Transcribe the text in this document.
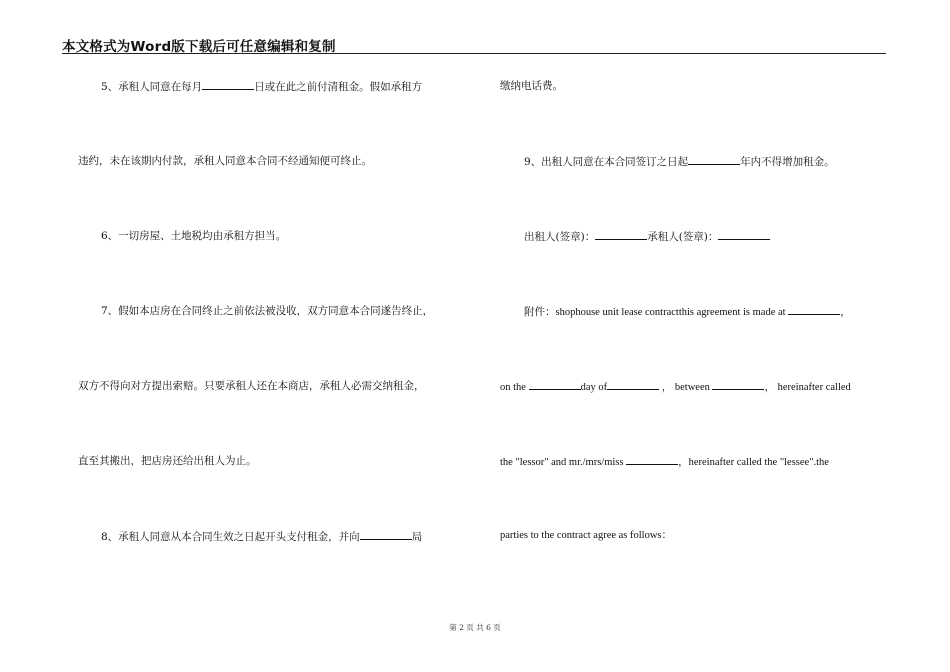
本文格式为Word版下载后可任意编辑和复制
5、承租人同意在每月	日或在此之前付清租金。假如承租方
违约，未在该期内付款，承租人同意本合同不经通知便可终止。
6、一切房屋、土地税均由承租方担当。
7、假如本店房在合同终止之前依法被没收，双方同意本合同遂告终止，
双方不得向对方提出索赔。只要承租人还在本商店，承租人必需交纳租金，
直至其搬出，把店房还给出租人为止。
8、承租人同意从本合同生效之日起开头支付租金，并向	局
缴纳电话费。
9、出租人同意在本合同签订之日起	年内不得增加租金。
出租人(签章)：	承租人(签章)：
附件：shophouse unit lease contractthis agreement is made at	，
on the	day of	， between	， hereinafter called
the "lessor" and mr./mrs/miss	，hereinafter called the "lessee".the
parties to the contract agree as follows：
第 2 页 共 6 页
